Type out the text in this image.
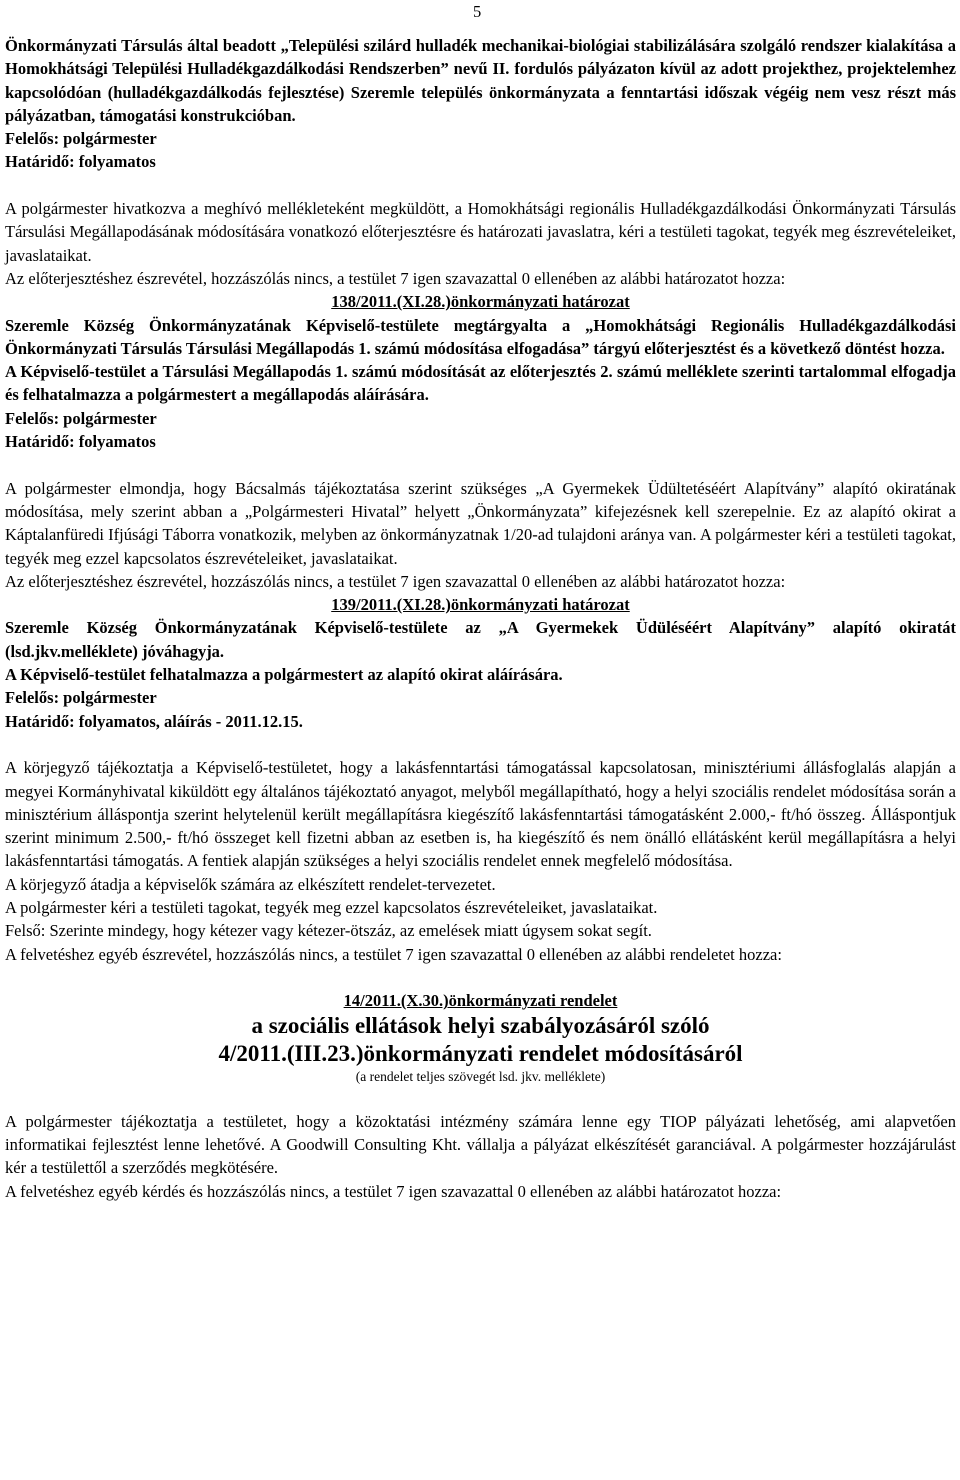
5

Önkormányzati Társulás által beadott „Települési szilárd hulladék mechanikai-biológiai stabilizálására szolgáló rendszer kialakítása a Homokhátsági Települési Hulladékgazdálkodási Rendszerben” nevű II. fordulós pályázaton kívül az adott projekthez, projektelemhez kapcsolódóan (hulladékgazdálkodás fejlesztése) Szeremle település önkormányzata a fenntartási időszak végéig nem vesz részt más pályázatban, támogatási konstrukcióban.

Felelős: polgármester

Határidő: folyamatos

A polgármester hivatkozva a meghívó mellékleteként megküldött, a Homokhátsági regionális Hulladékgazdálkodási Önkormányzati Társulás Társulási Megállapodásának módosítására vonatkozó előterjesztésre és határozati javaslatra, kéri a testületi tagokat, tegyék meg észrevételeiket, javaslataikat.

Az előterjesztéshez észrevétel, hozzászólás nincs, a testület 7 igen szavazattal 0 ellenében az alábbi határozatot hozza:

138/2011.(XI.28.)önkormányzati határozat

Szeremle Község Önkormányzatának Képviselő-testülete megtárgyalta a „Homokhátsági Regionális Hulladékgazdálkodási Önkormányzati Társulás Társulási Megállapodás 1. számú módosítása elfogadása” tárgyú előterjesztést és a következő döntést hozza.

A Képviselő-testület a Társulási Megállapodás 1. számú módosítását az előterjesztés 2. számú melléklete szerinti tartalommal elfogadja és felhatalmazza a polgármestert a megállapodás aláírására.

Felelős: polgármester

Határidő: folyamatos

A polgármester elmondja, hogy Bácsalmás tájékoztatása szerint szükséges „A Gyermekek Üdültetéséért Alapítvány” alapító okiratának módosítása, mely szerint abban a „Polgármesteri Hivatal” helyett „Önkormányzata” kifejezésnek kell szerepelnie. Ez az alapító okirat a Káptalanfüredi Ifjúsági Táborra vonatkozik, melyben az önkormányzatnak 1/20-ad tulajdoni aránya van. A polgármester kéri a testületi tagokat, tegyék meg ezzel kapcsolatos észrevételeiket, javaslataikat.

Az előterjesztéshez észrevétel, hozzászólás nincs, a testület 7 igen szavazattal 0 ellenében az alábbi határozatot hozza:

139/2011.(XI.28.)önkormányzati határozat

Szeremle Község Önkormányzatának Képviselő-testülete az „A Gyermekek Üdüléséért Alapítvány” alapító okiratát (lsd.jkv.melléklete) jóváhagyja.

A Képviselő-testület felhatalmazza a polgármestert az alapító okirat aláírására.

Felelős: polgármester

Határidő: folyamatos, aláírás - 2011.12.15.

A körjegyző tájékoztatja a Képviselő-testületet, hogy a lakásfenntartási támogatással kapcsolatosan, minisztériumi állásfoglalás alapján a megyei Kormányhivatal kiküldött egy általános tájékoztató anyagot, melyből megállapítható, hogy a helyi szociális rendelet módosítása során a minisztérium álláspontja szerint helytelenül került megállapításra kiegészítő lakásfenntartási támogatásként 2.000,- ft/hó összeg. Álláspontjuk szerint minimum 2.500,- ft/hó összeget kell fizetni abban az esetben is, ha kiegészítő és nem önálló ellátásként kerül megállapításra a helyi lakásfenntartási támogatás. A fentiek alapján szükséges a helyi szociális rendelet ennek megfelelő módosítása.

A körjegyző átadja a képviselők számára az elkészített rendelet-tervezetet.

A polgármester kéri a testületi tagokat, tegyék meg ezzel kapcsolatos észrevételeiket, javaslataikat.

Felső: Szerinte mindegy, hogy kétezer vagy kétezer-ötszáz, az emelések miatt úgysem sokat segít.

A felvetéshez egyéb észrevétel, hozzászólás nincs, a testület 7 igen szavazattal 0 ellenében az alábbi rendeletet hozza:

14/2011.(X.30.)önkormányzati rendelet

a szociális ellátások helyi szabályozásáról szóló

4/2011.(III.23.)önkormányzati rendelet módosításáról

(a rendelet teljes szövegét lsd. jkv. melléklete)

A polgármester tájékoztatja a testületet, hogy a közoktatási intézmény számára lenne egy TIOP pályázati lehetőség, ami alapvetően informatikai fejlesztést lenne lehetővé. A Goodwill Consulting Kht. vállalja a pályázat elkészítését garanciával. A polgármester hozzájárulást kér a testülettől a szerződés megkötésére.

A felvetéshez egyéb kérdés és hozzászólás nincs, a testület 7 igen szavazattal 0 ellenében az alábbi határozatot hozza:
